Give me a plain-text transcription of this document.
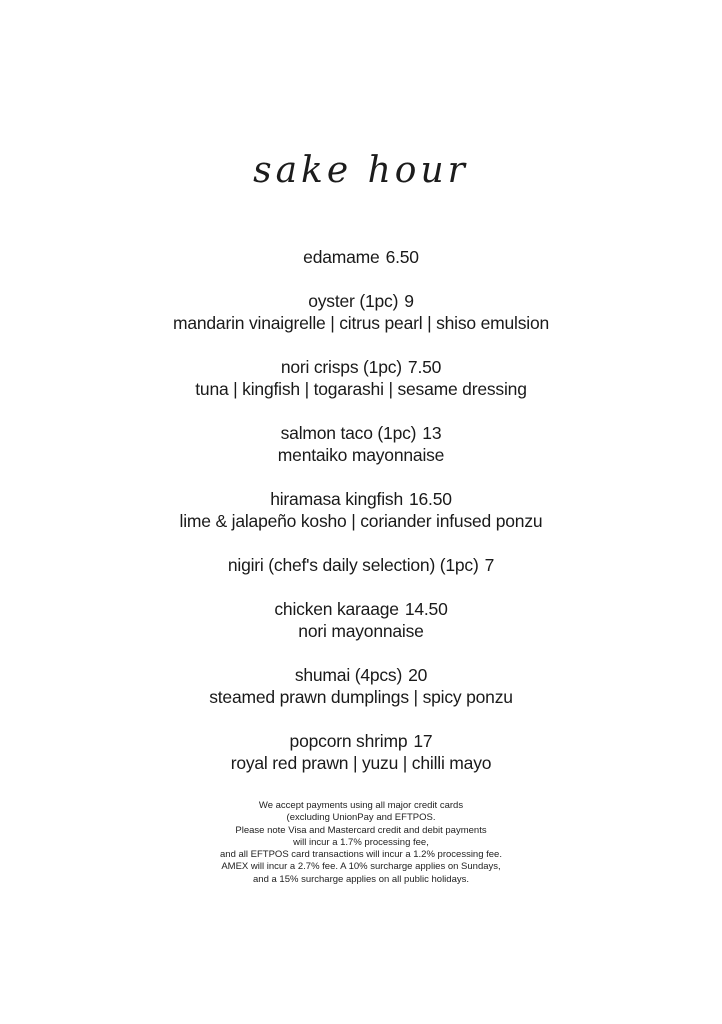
sake hour
edamame 6.50
oyster (1pc) 9
mandarin vinaigrelle | citrus pearl | shiso emulsion
nori crisps (1pc) 7.50
tuna | kingfish | togarashi | sesame dressing
salmon taco (1pc) 13
mentaiko mayonnaise
hiramasa kingfish 16.50
lime & jalapeño kosho | coriander infused ponzu
nigiri (chef's daily selection) (1pc) 7
chicken karaage 14.50
nori mayonnaise
shumai (4pcs) 20
steamed prawn dumplings | spicy ponzu
popcorn shrimp 17
royal red prawn | yuzu | chilli mayo
We accept payments using all major credit cards
(excluding UnionPay and EFTPOS.
Please note Visa and Mastercard credit and debit payments
will incur a 1.7% processing fee,
and all EFTPOS card transactions will incur a 1.2% processing fee.
AMEX will incur a 2.7% fee. A 10% surcharge applies on Sundays,
and a 15% surcharge applies on all public holidays.
